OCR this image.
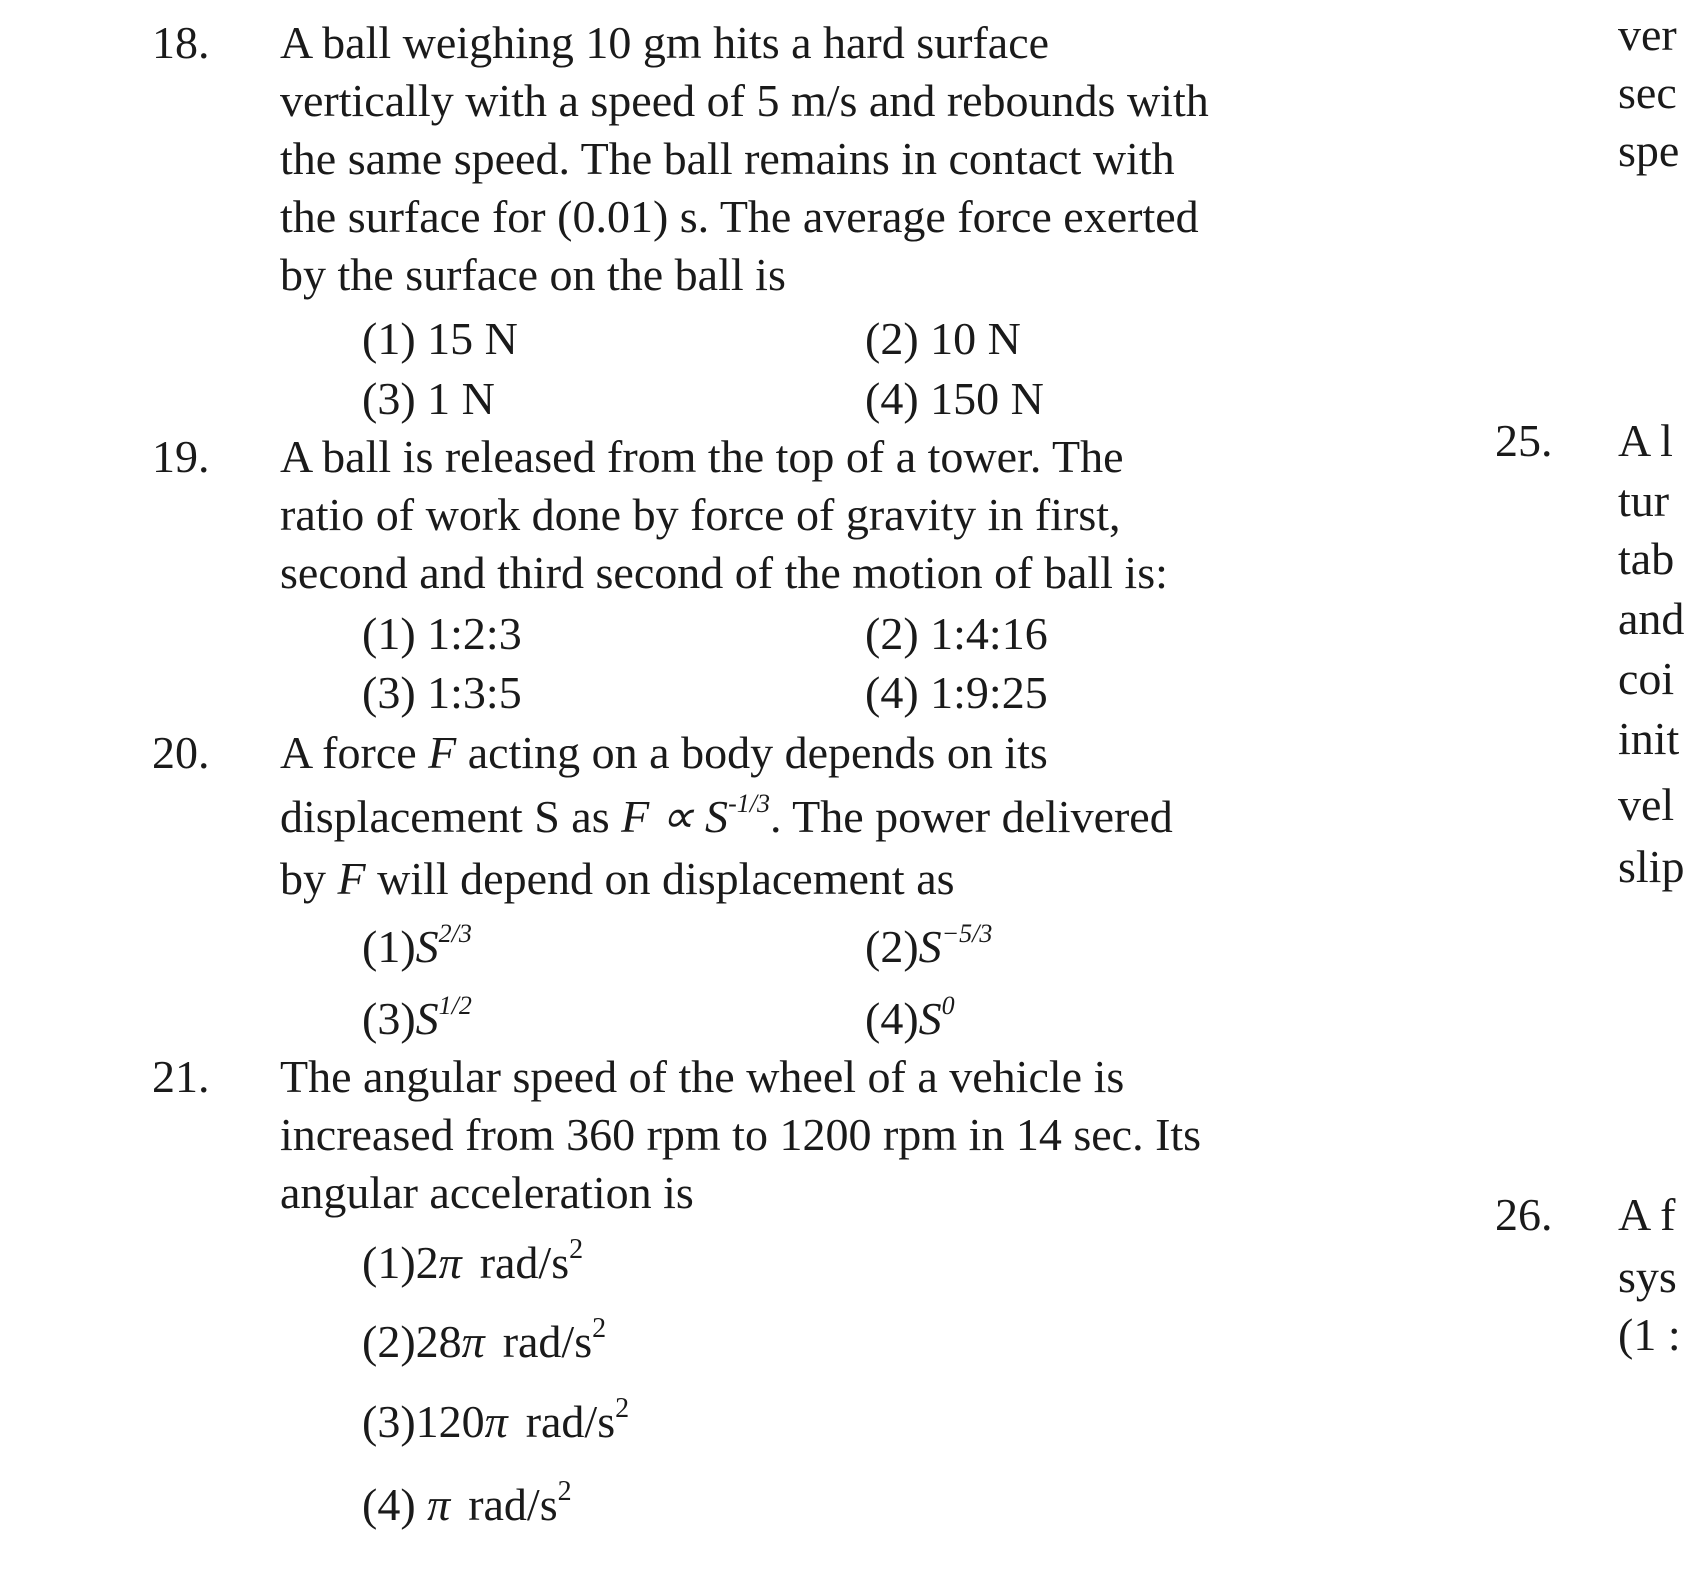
18. A ball weighing 10 gm hits a hard surface
vertically with a speed of 5 m/s and rebounds with
the same speed. The ball remains in contact with
the surface for (0.01) s. The average force exerted
by the surface on the ball is
(1) 15 N	(2) 10 N
(3) 1 N	(4) 150 N
19. A ball is released from the top of a tower. The
ratio of work done by force of gravity in first,
second and third second of the motion of ball is:
(1) 1:2:3	(2) 1:4:16
(3) 1:3:5	(4) 1:9:25
20. A force F acting on a body depends on its
displacement S as $F \propto S^{-1/3}$. The power delivered
by F will depend on displacement as
$(1)S^{2/3}$	$(2)S^{-5/3}$
$(3)S^{1/2}$	$(4)S^0$
21. The angular speed of the wheel of a vehicle is
increased from 360 rpm to 1200 rpm in 14 sec. Its
angular acceleration is
(1)2π rad/$s^2$
(2)28π rad/$s^2$
(3)120π rad/$s^2$
(4) π rad/$s^2$
25.
26.
ver
sec
spe
A l
tur
tab
and
coi
init
vel
slip
A f
sys
(1 :
